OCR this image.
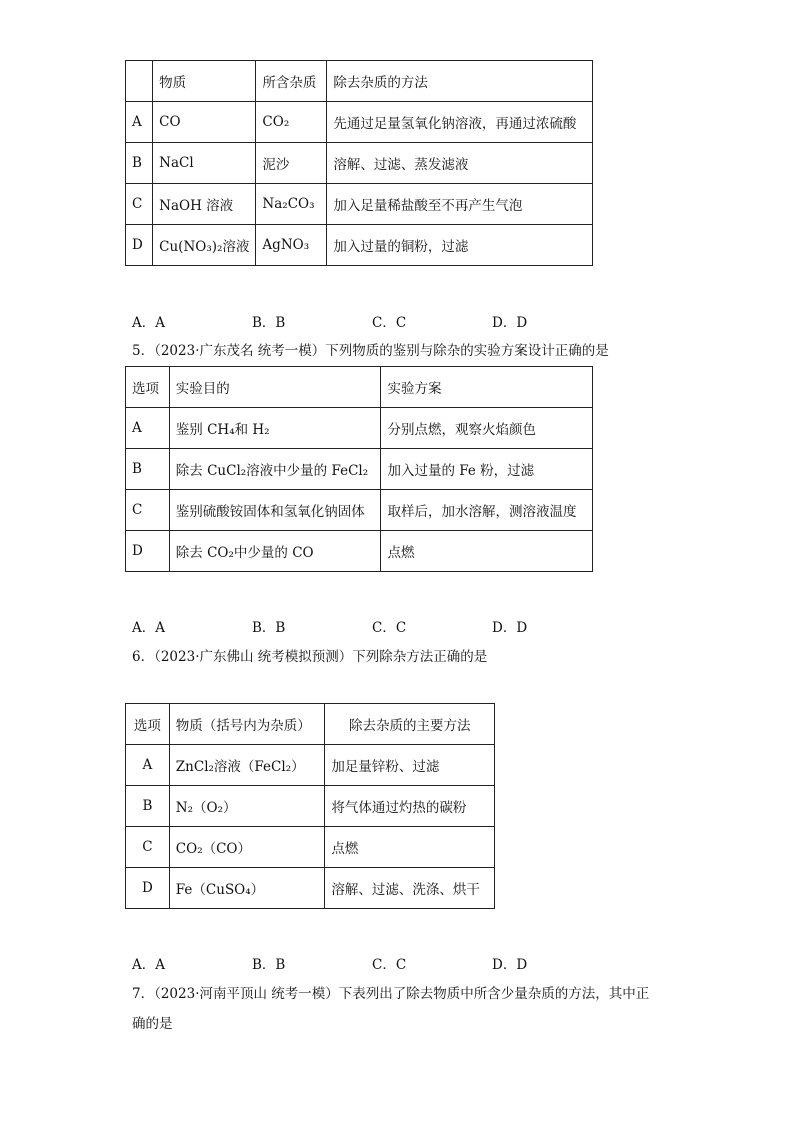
	物质	所含杂质	除去杂质的方法
A	CO	CO₂	先通过足量氢氧化钠溶液，再通过浓硫酸
B	NaCl	泥沙	溶解、过滤、蒸发滤液
C	NaOH 溶液	Na₂CO₃	加入足量稀盐酸至不再产生气泡
D	Cu(NO₃)₂溶液	AgNO₃	加入过量的铜粉，过滤
A．A	B．B	C．C	D．D
5．（2023·广东茂名 统考一模）下列物质的鉴别与除杂的实验方案设计正确的是
选项	实验目的	实验方案
A	鉴别 CH₄和 H₂	分别点燃，观察火焰颜色
B	除去 CuCl₂溶液中少量的 FeCl₂	加入过量的 Fe 粉，过滤
C	鉴别硫酸铵固体和氢氧化钠固体	取样后，加水溶解，测溶液温度
D	除去 CO₂中少量的 CO	点燃
A．A	B．B	C．C	D．D
6．（2023·广东佛山 统考模拟预测）下列除杂方法正确的是
选项	物质（括号内为杂质）	除去杂质的主要方法
A	ZnCl₂溶液（FeCl₂）	加足量锌粉、过滤
B	N₂（O₂）	将气体通过灼热的碳粉
C	CO₂（CO）	点燃
D	Fe（CuSO₄）	溶解、过滤、洗涤、烘干
A．A	B．B	C．C	D．D
7．（2023·河南平顶山 统考一模）下表列出了除去物质中所含少量杂质的方法，其中正
确的是
